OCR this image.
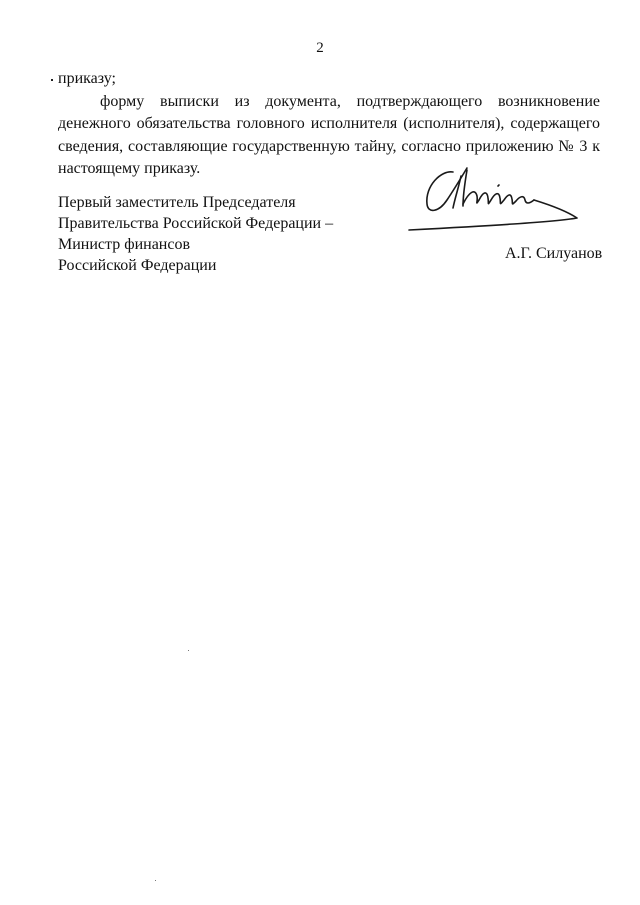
2

приказу;

форму выписки из документа, подтверждающего возникновение денежного обязательства головного исполнителя (исполнителя), содержащего сведения, составляющие государственную тайну, согласно приложению № 3 к настоящему приказу.

Первый заместитель Председателя
Правительства Российской Федерации –
Министр финансов
Российской Федерации
А.Г. Силуанов
